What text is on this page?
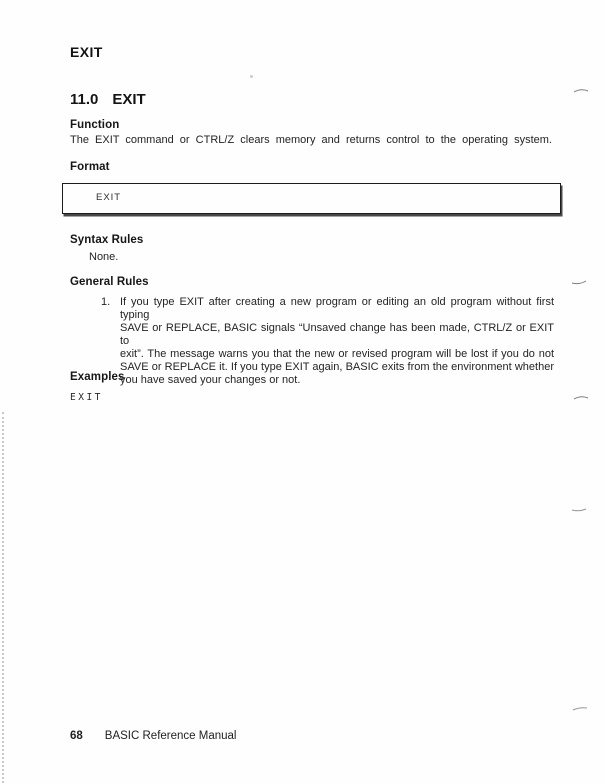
EXIT
11.0 EXIT
Function
The EXIT command or CTRL/Z clears memory and returns control to the operating system.
Format
EXIT
Syntax Rules
None.
General Rules
1. If you type EXIT after creating a new program or editing an old program without first typing
SAVE or REPLACE, BASIC signals “Unsaved change has been made, CTRL/Z or EXIT to
exit”. The message warns you that the new or revised program will be lost if you do not
SAVE or REPLACE it. If you type EXIT again, BASIC exits from the environment whether
you have saved your changes or not.
Examples
EXIT
68 BASIC Reference Manual
